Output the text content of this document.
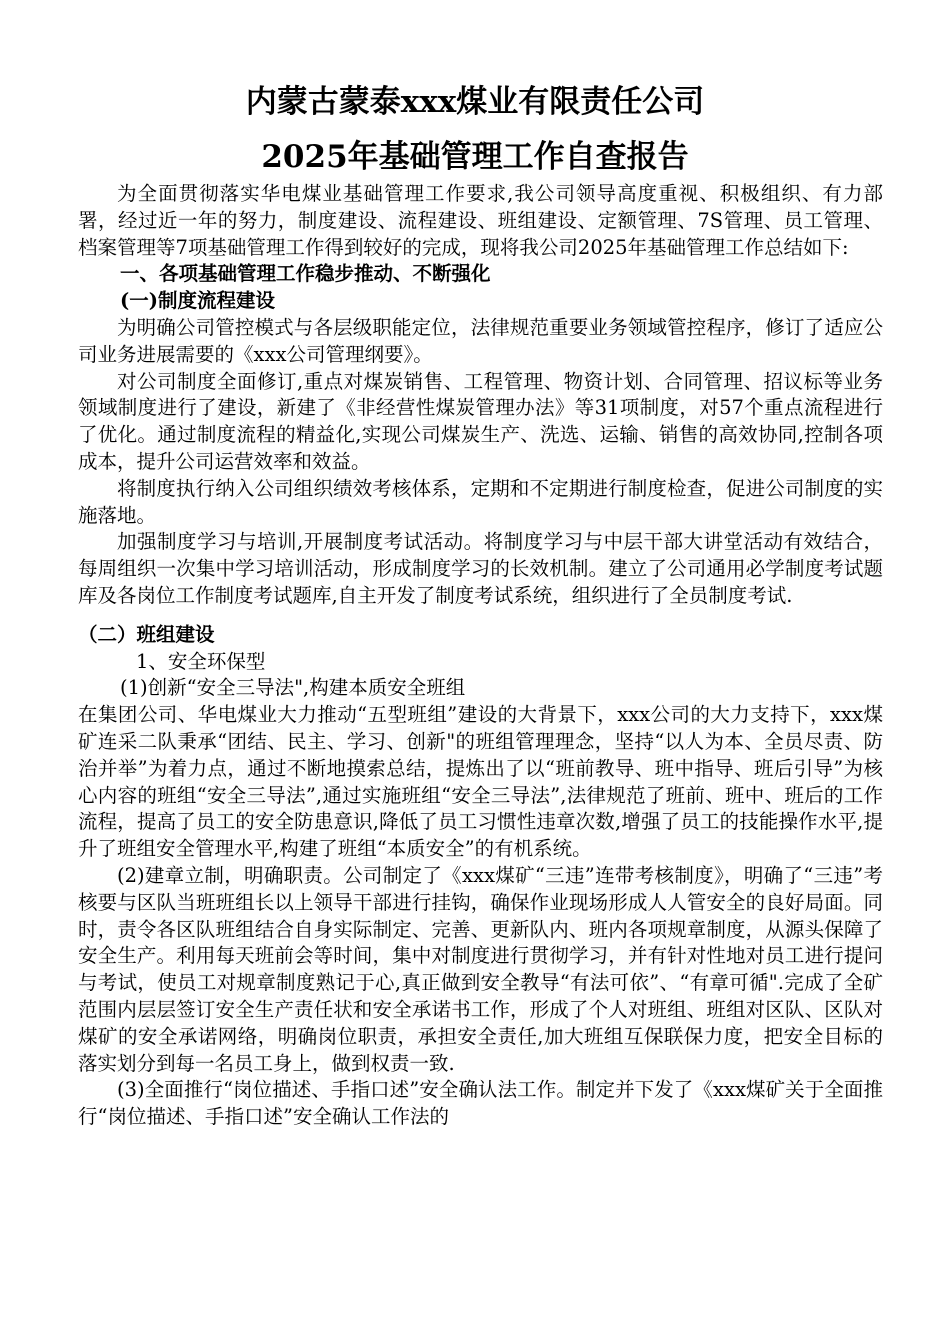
内蒙古蒙泰xxx煤业有限责任公司
2025年基础管理工作自查报告

为全面贯彻落实华电煤业基础管理工作要求,我公司领导高度重视、积极组织、有力部署，经过近一年的努力，制度建设、流程建设、班组建设、定额管理、7S管理、员工管理、档案管理等7项基础管理工作得到较好的完成，现将我公司2025年基础管理工作总结如下:

一、各项基础管理工作稳步推动、不断强化

(一)制度流程建设

为明确公司管控模式与各层级职能定位，法律规范重要业务领域管控程序，修订了适应公司业务进展需要的《xxx公司管理纲要》。

对公司制度全面修订,重点对煤炭销售、工程管理、物资计划、合同管理、招议标等业务领域制度进行了建设，新建了《非经营性煤炭管理办法》等31项制度，对57个重点流程进行了优化。通过制度流程的精益化,实现公司煤炭生产、洗选、运输、销售的高效协同,控制各项成本，提升公司运营效率和效益。

将制度执行纳入公司组织绩效考核体系，定期和不定期进行制度检查，促进公司制度的实施落地。

加强制度学习与培训,开展制度考试活动。将制度学习与中层干部大讲堂活动有效结合，每周组织一次集中学习培训活动，形成制度学习的长效机制。建立了公司通用必学制度考试题库及各岗位工作制度考试题库,自主开发了制度考试系统，组织进行了全员制度考试.

（二）班组建设

1、安全环保型

(1)创新“安全三导法",构建本质安全班组

在集团公司、华电煤业大力推动“五型班组”建设的大背景下，xxx公司的大力支持下，xxx煤矿连采二队秉承“团结、民主、学习、创新"的班组管理理念，坚持“以人为本、全员尽责、防治并举”为着力点，通过不断地摸索总结，提炼出了以“班前教导、班中指导、班后引导”为核心内容的班组“安全三导法”,通过实施班组“安全三导法”,法律规范了班前、班中、班后的工作流程，提高了员工的安全防患意识,降低了员工习惯性违章次数,增强了员工的技能操作水平,提升了班组安全管理水平,构建了班组“本质安全”的有机系统。

(2)建章立制，明确职责。公司制定了《xxx煤矿“三违”连带考核制度》，明确了“三违”考核要与区队当班班组长以上领导干部进行挂钩，确保作业现场形成人人管安全的良好局面。同时，责令各区队班组结合自身实际制定、完善、更新队内、班内各项规章制度，从源头保障了安全生产。利用每天班前会等时间，集中对制度进行贯彻学习，并有针对性地对员工进行提问与考试，使员工对规章制度熟记于心,真正做到安全教导“有法可依”、“有章可循".完成了全矿范围内层层签订安全生产责任状和安全承诺书工作，形成了个人对班组、班组对区队、区队对煤矿的安全承诺网络，明确岗位职责，承担安全责任,加大班组互保联保力度，把安全目标的落实划分到每一名员工身上，做到权责一致.

(3)全面推行“岗位描述、手指口述”安全确认法工作。制定并下发了《xxx煤矿关于全面推行“岗位描述、手指口述”安全确认工作法的
